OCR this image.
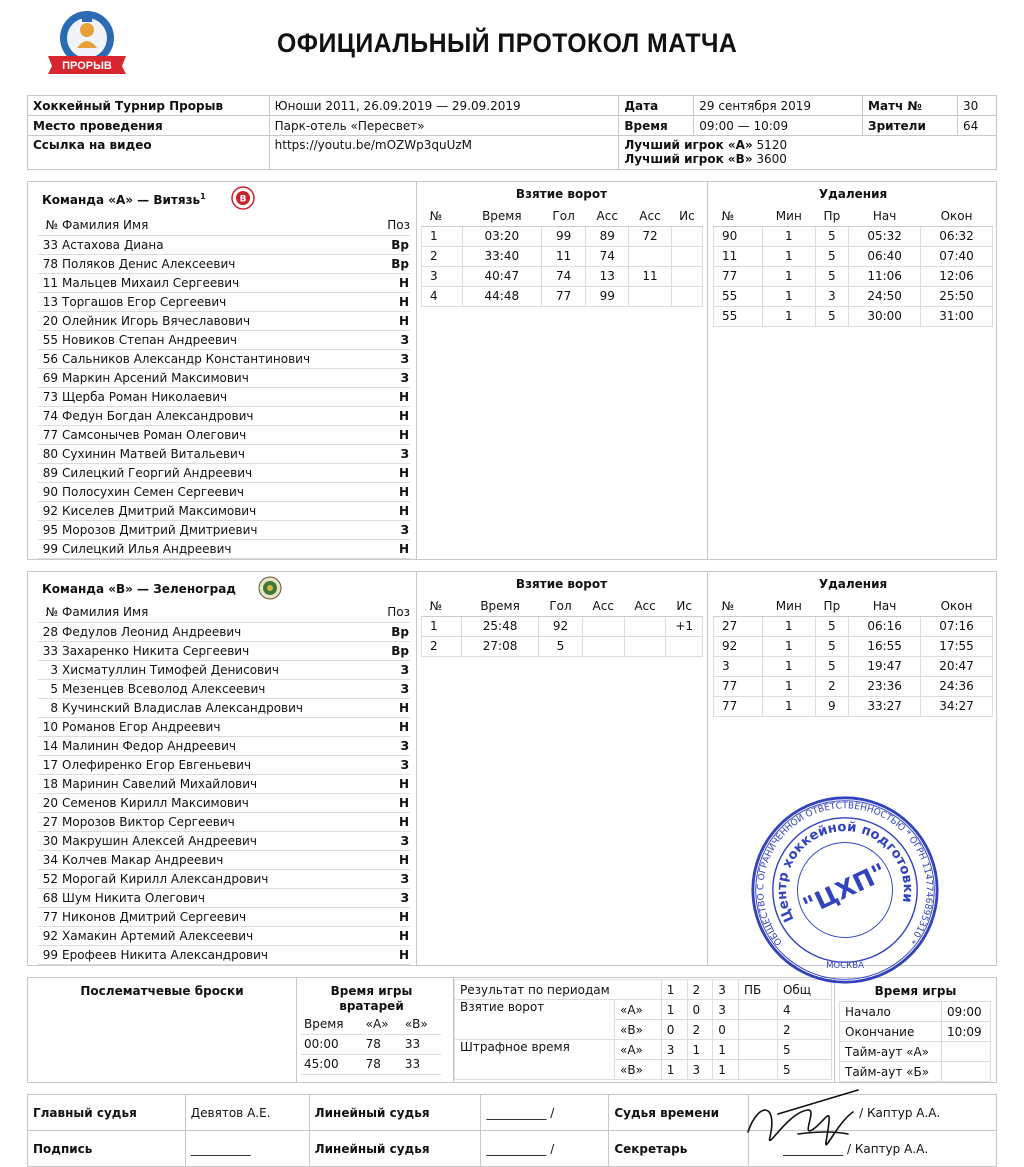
ПРОРЫВ
ОФИЦИАЛЬНЫЙ ПРОТОКОЛ МАТЧА
Хоккейный Турнир Прорыв	Юноши 2011, 26.09.2019 — 29.09.2019	Дата	29 сентября 2019	Матч №	30
Место проведения	Парк-отель «Пересвет»	Время	09:00 — 10:09	Зрители	64
Ссылка на видео	https://youtu.be/mOZWp3quUzM	Лучший игрок «А» 5120
Лучший игрок «В» 3600			
Команда «А» — Витязь$^1$	В
№	Фамилия Имя	Поз
33	Астахова Диана	Вр
78	Поляков Денис Алексеевич	Вр
11	Мальцев Михаил Сергеевич	Н
13	Торгашов Егор Сергеевич	Н
20	Олейник Игорь Вячеславович	Н
55	Новиков Степан Андреевич	З
56	Сальников Александр Константинович	З
69	Маркин Арсений Максимович	З
73	Щерба Роман Николаевич	Н
74	Федун Богдан Александрович	Н
77	Самсонычев Роман Олегович	Н
80	Сухинин Матвей Витальевич	З
89	Силецкий Георгий Андреевич	Н
90	Полосухин Семен Сергеевич	Н
92	Киселев Дмитрий Максимович	Н
95	Морозов Дмитрий Дмитриевич	З
99	Силецкий Илья Андреевич	Н
Взятие ворот
№	Время	Гол	Асс	Асс	Ис
1	03:20	99	89	72	
2	33:40	11	74		
3	40:47	74	13	11	
4	44:48	77	99		
Удаления
№	Мин	Пр	Нач	Окон
90	1	5	05:32	06:32
11	1	5	06:40	07:40
77	1	5	11:06	12:06
55	1	3	24:50	25:50
55	1	5	30:00	31:00
Команда «В» — Зеленоград
№	Фамилия Имя	Поз
28	Федулов Леонид Андреевич	Вр
33	Захаренко Никита Сергеевич	Вр
3	Хисматуллин Тимофей Денисович	З
5	Мезенцев Всеволод Алексеевич	З
8	Кучинский Владислав Александрович	Н
10	Романов Егор Андреевич	Н
14	Малинин Федор Андреевич	З
17	Олефиренко Егор Евгеньевич	З
18	Маринин Савелий Михайлович	Н
20	Семенов Кирилл Максимович	Н
27	Морозов Виктор Сергеевич	Н
30	Макрушин Алексей Андреевич	З
34	Колчев Макар Андреевич	Н
52	Морогай Кирилл Александрович	З
68	Шум Никита Олегович	З
77	Никонов Дмитрий Сергеевич	Н
92	Хамакин Артемий Алексеевич	Н
99	Ерофеев Никита Александрович	Н
Взятие ворот
№	Время	Гол	Асс	Асс	Ис
1	25:48	92			+1
2	27:08	5			
Удаления
№	Мин	Пр	Нач	Окон
27	1	5	06:16	07:16
92	1	5	16:55	17:55
3	1	5	19:47	20:47
77	1	2	23:36	24:36
77	1	9	33:27	34:27
Послематчевые броски	Время игры
вратарей
Время	«А»	«В»
00:00	78	33
45:00	78	33
Результат по периодам		1	2	3	ПБ	Общ
Взятие ворот	«А»	1	0	3		4
	«В»	0	2	0		2
Штрафное время	«А»	3	1	1		5
	«В»	1	3	1		5
Время игры
Начало	09:00
Окончание	10:09
Тайм-аут «А»	
Тайм-аут «Б»	
Главный судья	Девятов А.Е.	Линейный судья	__________ /	Судья времени	/ Каптур А.А.
Подпись	__________	Линейный судья	__________ /	Секретарь	__________ / Каптур А.А.
ОБЩЕСТВО С ОГРАНИЧЕННОЙ ОТВЕТСТВЕННОСТЬЮ * ОГРН 1147746895310 *
Центр хоккейной подготовки
"ЦХП"
МОСКВА
